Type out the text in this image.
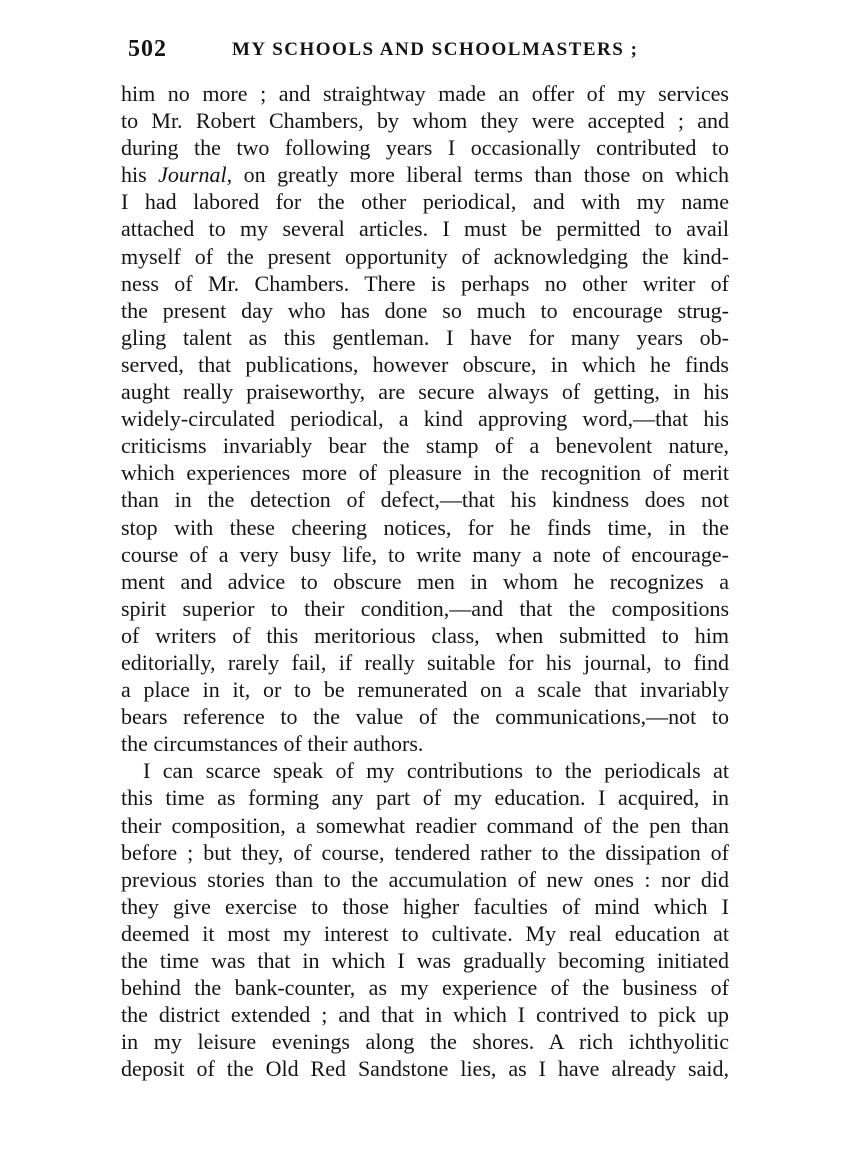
502	MY SCHOOLS AND SCHOOLMASTERS ;
him no more ; and straightway made an offer of my services
to Mr. Robert Chambers, by whom they were accepted ; and
during the two following years I occasionally contributed to
his Journal, on greatly more liberal terms than those on which
I had labored for the other periodical, and with my name
attached to my several articles. I must be permitted to avail
myself of the present opportunity of acknowledging the kind-
ness of Mr. Chambers. There is perhaps no other writer of
the present day who has done so much to encourage strug-
gling talent as this gentleman. I have for many years ob-
served, that publications, however obscure, in which he finds
aught really praiseworthy, are secure always of getting, in his
widely-circulated periodical, a kind approving word,—that his
criticisms invariably bear the stamp of a benevolent nature,
which experiences more of pleasure in the recognition of merit
than in the detection of defect,—that his kindness does not
stop with these cheering notices, for he finds time, in the
course of a very busy life, to write many a note of encourage-
ment and advice to obscure men in whom he recognizes a
spirit superior to their condition,—and that the compositions
of writers of this meritorious class, when submitted to him
editorially, rarely fail, if really suitable for his journal, to find
a place in it, or to be remunerated on a scale that invariably
bears reference to the value of the communications,—not to
the circumstances of their authors.
I can scarce speak of my contributions to the periodicals at
this time as forming any part of my education. I acquired, in
their composition, a somewhat readier command of the pen than
before ; but they, of course, tendered rather to the dissipation of
previous stories than to the accumulation of new ones : nor did
they give exercise to those higher faculties of mind which I
deemed it most my interest to cultivate. My real education at
the time was that in which I was gradually becoming initiated
behind the bank-counter, as my experience of the business of
the district extended ; and that in which I contrived to pick up
in my leisure evenings along the shores. A rich ichthyolitic
deposit of the Old Red Sandstone lies, as I have already said,
